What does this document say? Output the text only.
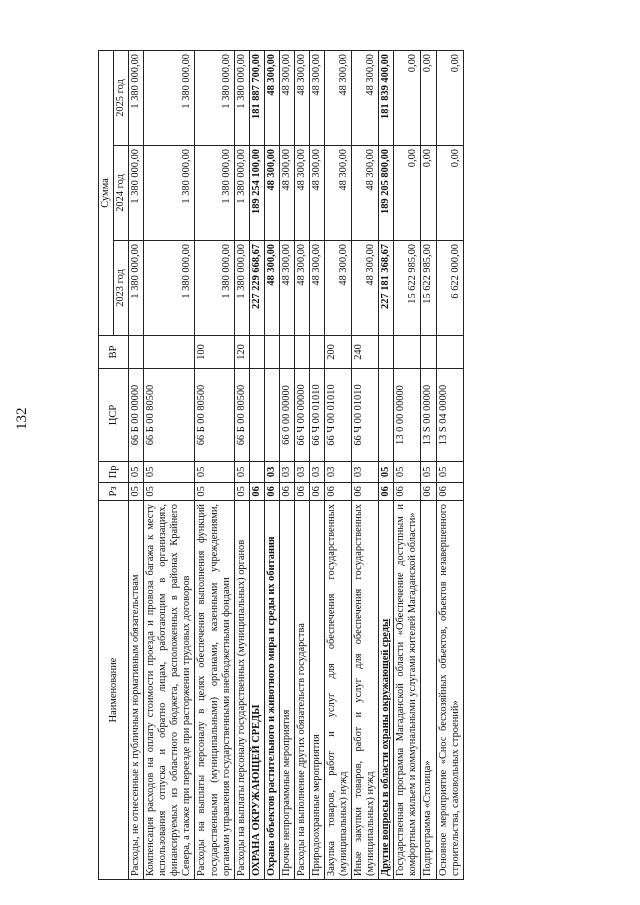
132
Наименование	Рз	Пр	ЦСР	ВР	Сумма		
					2023 год	2024 год	2025 год
Расходы, не отнесенные к публичным нормативным обязательствам	05	05	66 Б 00 00000		1 380 000,00	1 380 000,00	1 380 000,00
Компенсация расходов на оплату стоимости проезда и провоза багажа к месту использования отпуска и обратно лицам, работающим в организациях, финансируемых из областного бюджета, расположенных в районах Крайнего Севера, а также при переезде при расторжении трудовых договоров	05	05	66 Б 00 80500		1 380 000,00	1 380 000,00	1 380 000,00
Расходы на выплаты персоналу в целях обеспечения выполнения функций государственными (муниципальными) органами, казенными учреждениями, органами управления государственными внебюджетными фондами	05	05	66 Б 00 80500	100	1 380 000,00	1 380 000,00	1 380 000,00
Расходы на выплаты персоналу государственных (муниципальных) органов	05	05	66 Б 00 80500	120	1 380 000,00	1 380 000,00	1 380 000,00
ОХРАНА ОКРУЖАЮЩЕЙ СРЕДЫ	06				227 229 668,67	189 254 100,00	181 887 700,00
Охрана объектов растительного и животного мира и среды их обитания	06	03			48 300,00	48 300,00	48 300,00
Прочие непрограммные мероприятия	06	03	66 0 00 00000		48 300,00	48 300,00	48 300,00
Расходы на выполнение других обязательств государства	06	03	66 Ч 00 00000		48 300,00	48 300,00	48 300,00
Природоохранные мероприятия	06	03	66 Ч 00 01010		48 300,00	48 300,00	48 300,00
Закупка товаров, работ и услуг для обеспечения государственных (муниципальных) нужд	06	03	66 Ч 00 01010	200	48 300,00	48 300,00	48 300,00
Иные закупки товаров, работ и услуг для обеспечения государственных (муниципальных) нужд	06	03	66 Ч 00 01010	240	48 300,00	48 300,00	48 300,00
Другие вопросы в области охраны окружающей среды	06	05			227 181 368,67	189 205 800,00	181 839 400,00
Государственная программа Магаданской области «Обеспечение доступным и комфортным жильем и коммунальными услугами жителей Магаданской области»	06	05	13 0 00 00000		15 622 985,00	0,00	0,00
Подпрограмма «Столица»	06	05	13 S 00 00000		15 622 985,00	0,00	0,00
Основное мероприятие «Снос бесхозяйных объектов, объектов незавершенного строительства, самовольных строений»	06	05	13 S 04 00000		6 622 000,00	0,00	0,00
